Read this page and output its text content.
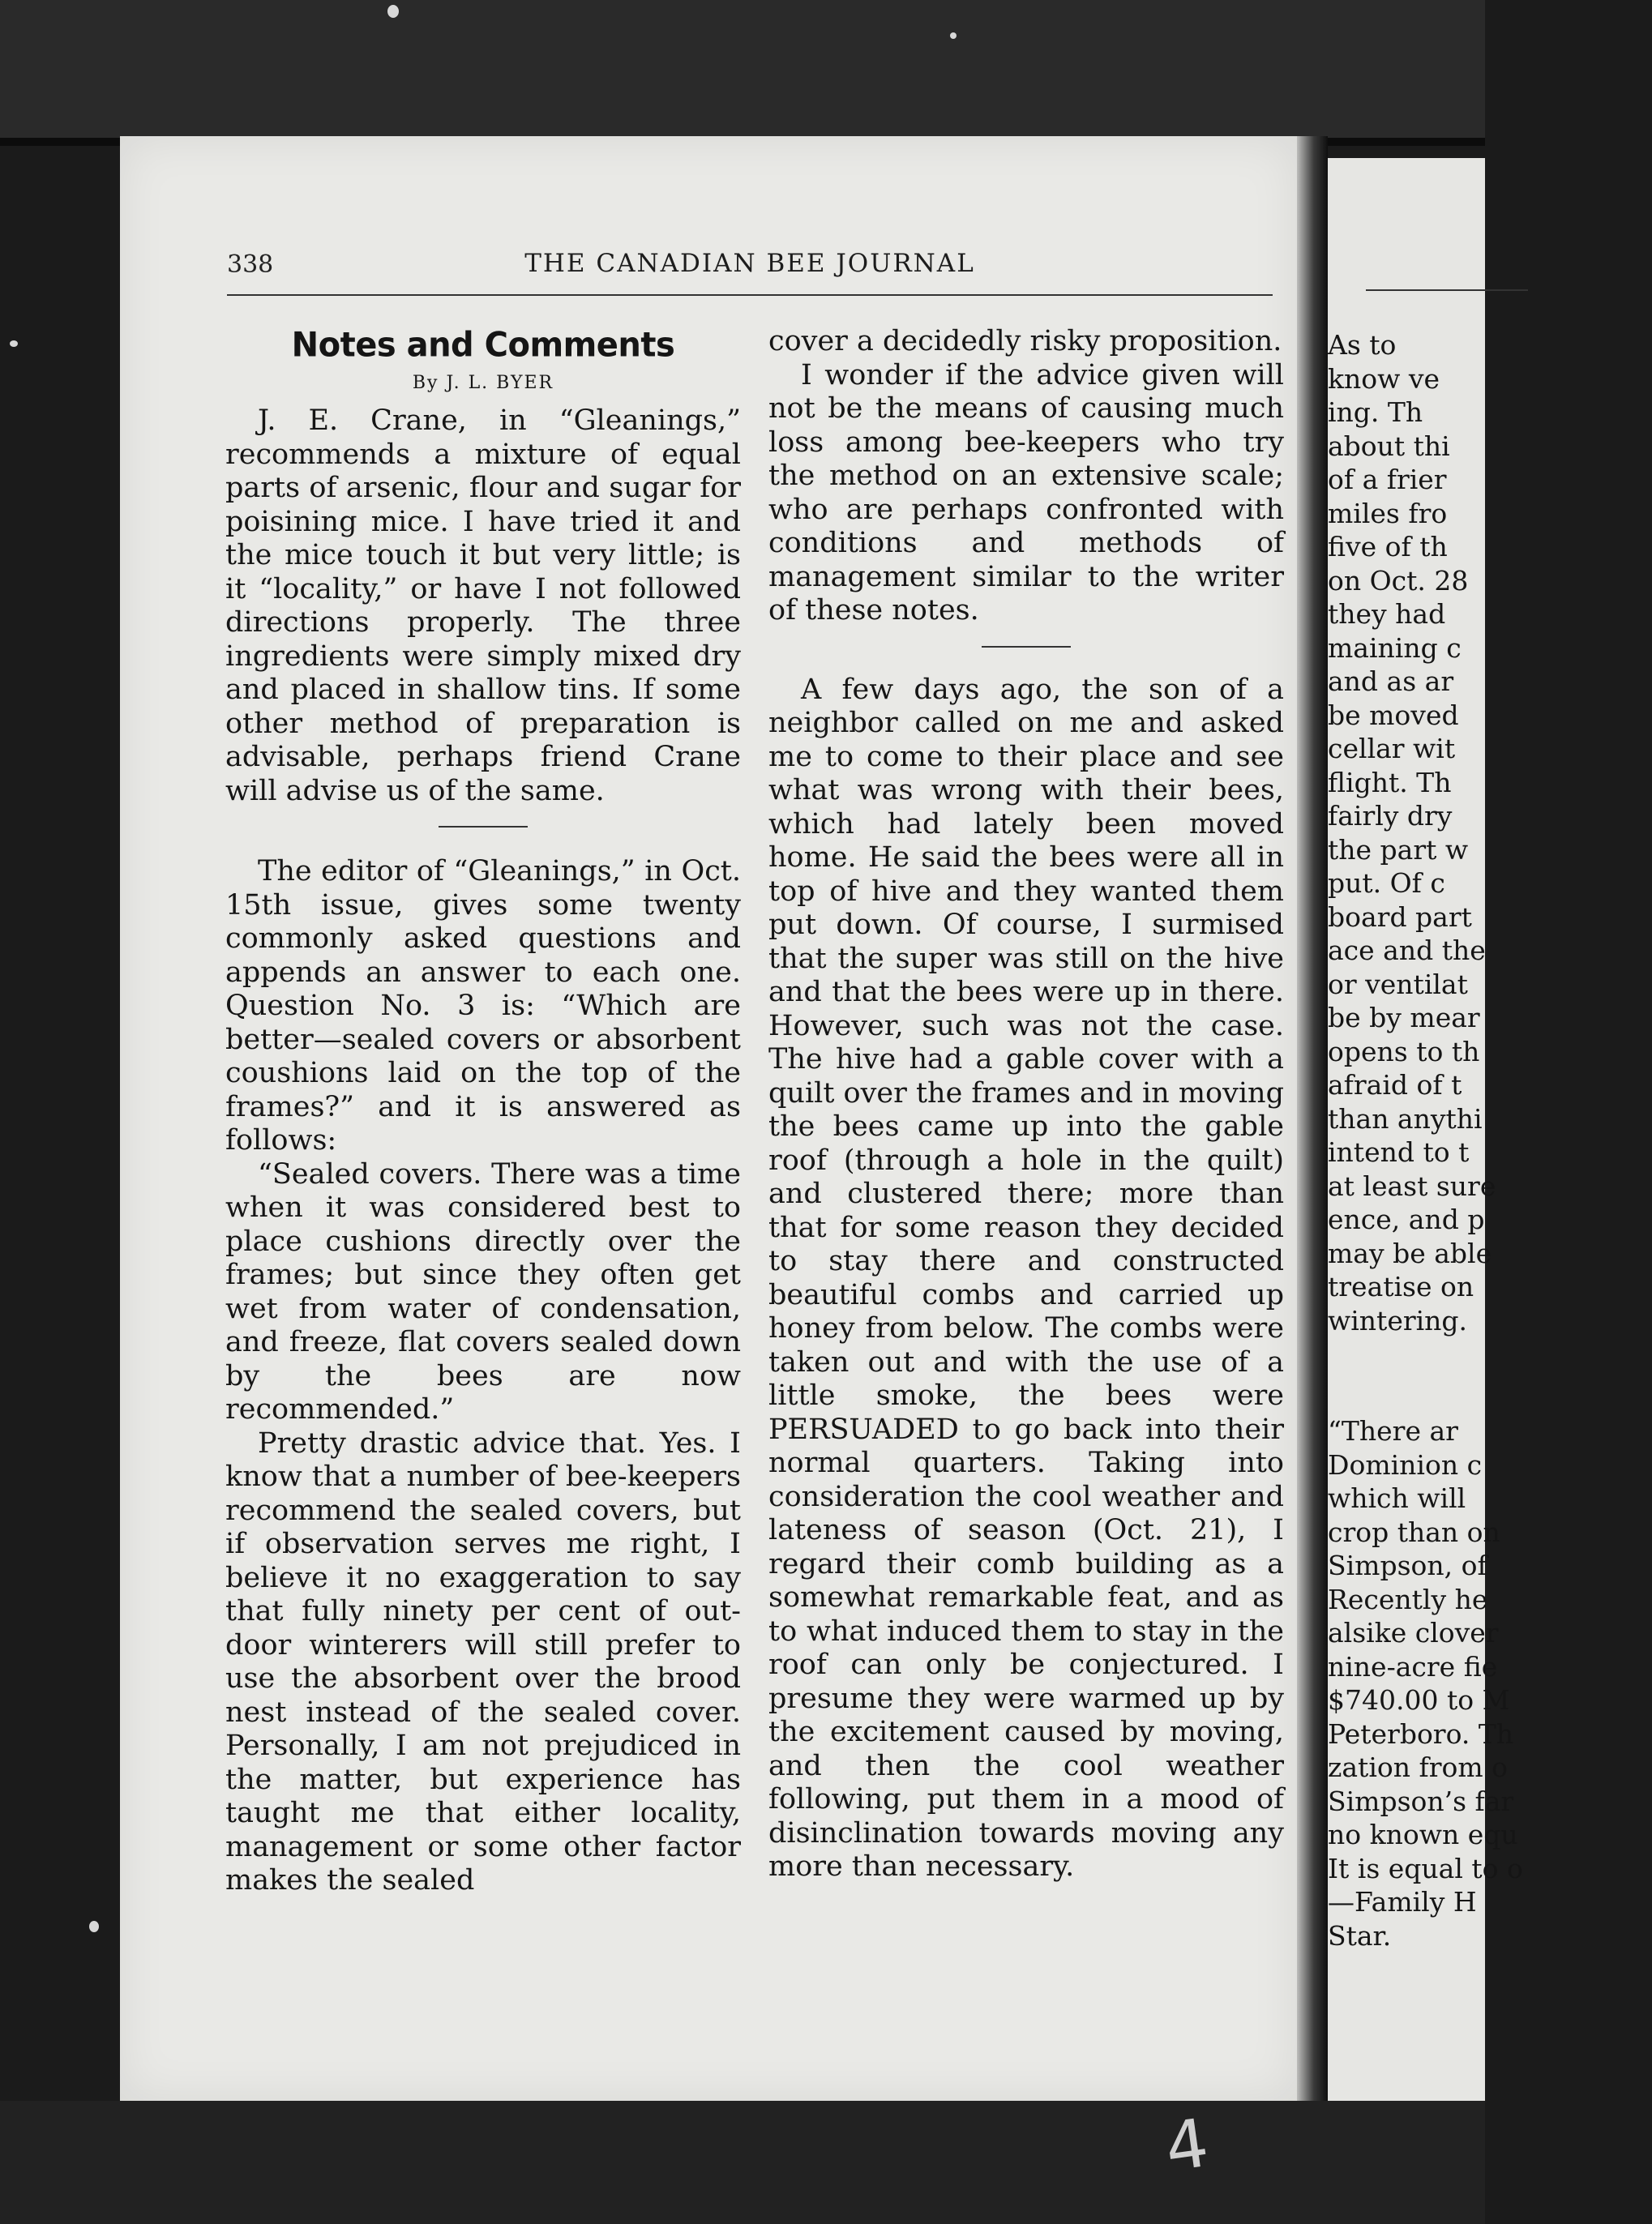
338	THE CANADIAN BEE JOURNAL
Notes and Comments
By J. L. BYER

J. E. Crane, in “Gleanings,” recommends a mixture of equal parts of arsenic, flour and sugar for poisining mice. I have tried it and the mice touch it but very little; is it “locality,” or have I not followed directions properly. The three ingredients were simply mixed dry and placed in shallow tins. If some other method of preparation is advisable, perhaps friend Crane will advise us of the same.

The editor of “Gleanings,” in Oct. 15th issue, gives some twenty commonly asked questions and appends an answer to each one. Question No. 3 is: “Which are better—sealed covers or absorbent coushions laid on the top of the frames?” and it is answered as follows:

“Sealed covers. There was a time when it was considered best to place cushions directly over the frames; but since they often get wet from water of condensation, and freeze, flat covers sealed down by the bees are now recommended.”

Pretty drastic advice that. Yes. I know that a number of bee-keepers recommend the sealed covers, but if observation serves me right, I believe it no exaggeration to say that fully ninety per cent of out-door winterers will still prefer to use the absorbent over the brood nest instead of the sealed cover. Personally, I am not prejudiced in the matter, but experience has taught me that either locality, management or some other factor makes the sealed

cover a decidedly risky proposition.

I wonder if the advice given will not be the means of causing much loss among bee-keepers who try the method on an extensive scale; who are perhaps confronted with conditions and methods of management similar to the writer of these notes.

A few days ago, the son of a neighbor called on me and asked me to come to their place and see what was wrong with their bees, which had lately been moved home. He said the bees were all in top of hive and they wanted them put down. Of course, I surmised that the super was still on the hive and that the bees were up in there. However, such was not the case. The hive had a gable cover with a quilt over the frames and in moving the bees came up into the gable roof (through a hole in the quilt) and clustered there; more than that for some reason they decided to stay there and constructed beautiful combs and carried up honey from below. The combs were taken out and with the use of a little smoke, the bees were PERSUADED to go back into their normal quarters. Taking into consideration the cool weather and lateness of season (Oct. 21), I regard their comb building as a somewhat remarkable feat, and as to what induced them to stay in the roof can only be conjectured. I presume they were warmed up by the excitement caused by moving, and then the cool weather following, put them in a mood of disinclination towards moving any more than necessary.

As to
know ve
ing. Th
about thi
of a frier
miles fro
five of th
on Oct. 28
they had
maining c
and as ar
be moved
cellar wit
flight. Th
fairly dry
the part w
put. Of c
board part
ace and the
or ventilat
be by mear
opens to th
afraid of t
than anythi
intend to t
at least sure
ence, and p
may be able
treatise on
wintering.
“There ar
Dominion c
which will
crop than on
Simpson, of
Recently he
alsike clover
nine-acre fie
$740.00 to M
Peterboro. Th
zation from o
Simpson’s far
no known equ
It is equal to o
—Family H
Star.
4
